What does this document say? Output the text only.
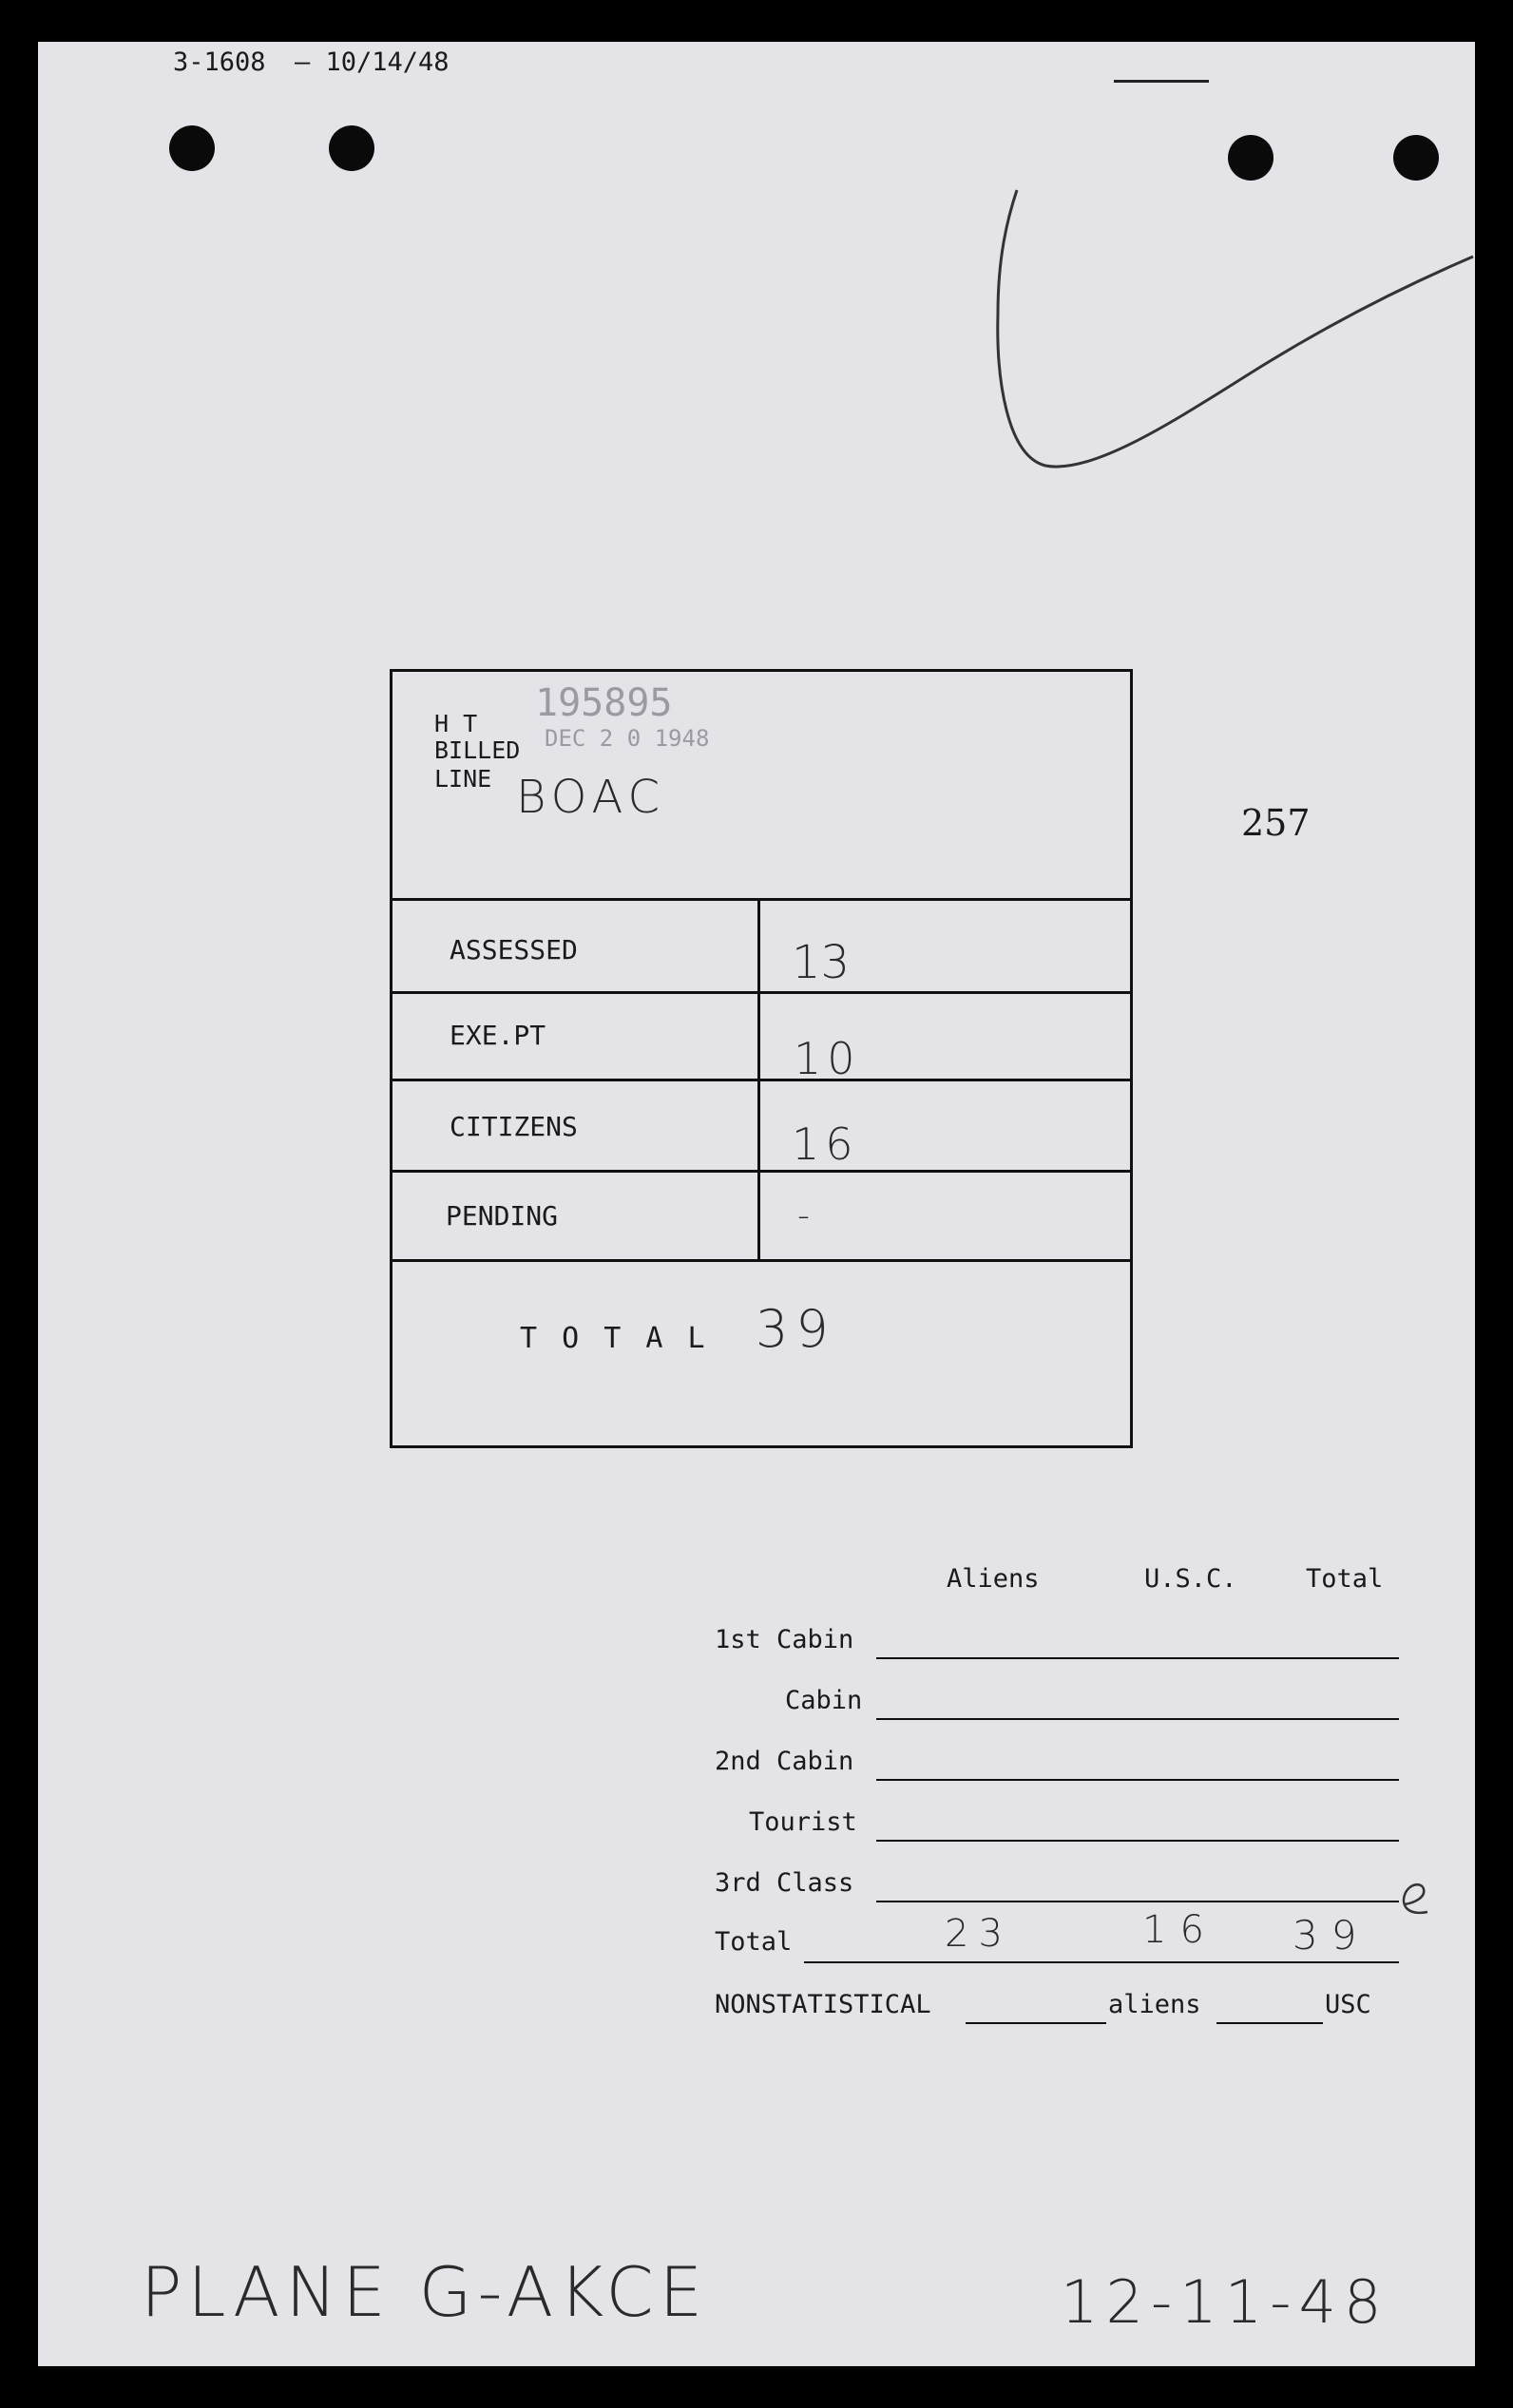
3-1608 — 10/14/48
257
H T 195895
BILLED DEC 2 0 1948
LINE BOAC
ASSESSED	13
EXE.PT	10
CITIZENS	16
PENDING	-
T O T A L 39
Aliens	U.S.C.	Total
1st Cabin
Cabin
2nd Cabin
Tourist
3rd Class
Total	23	16 39
NONSTATISTICAL	aliens	USC
PLANE G-AKCE	12-11-48
